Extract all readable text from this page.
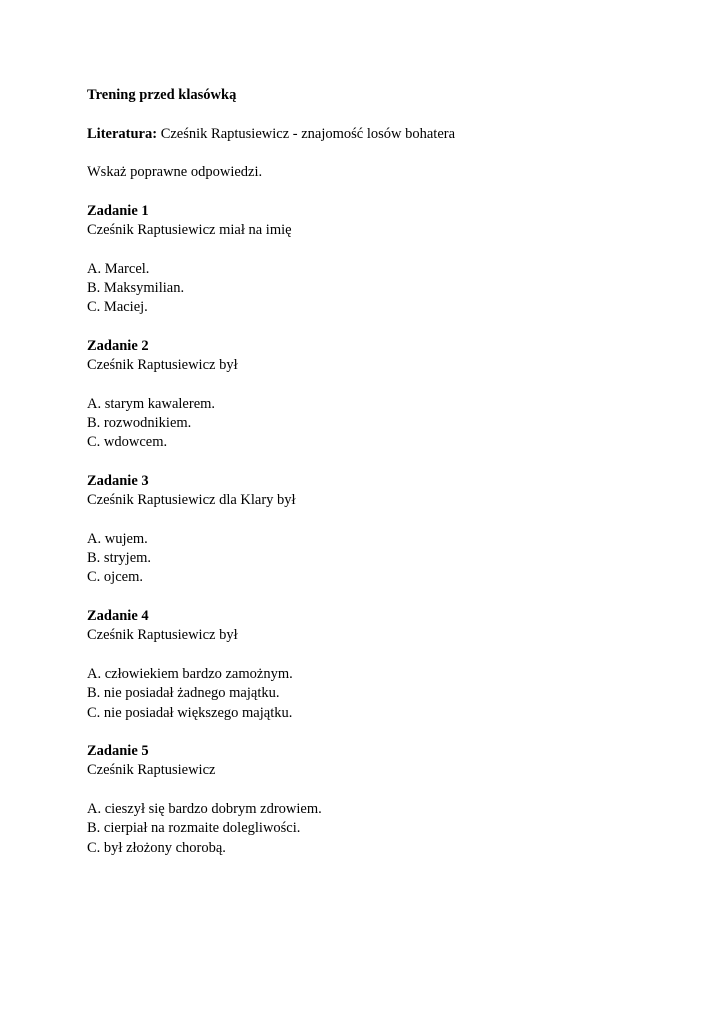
Trening przed klasówką
Literatura: Cześnik Raptusiewicz - znajomość losów bohatera
Wskaż poprawne odpowiedzi.
Zadanie 1
Cześnik Raptusiewicz miał na imię
A. Marcel.
B. Maksymilian.
C. Maciej.
Zadanie 2
Cześnik Raptusiewicz był
A. starym kawalerem.
B. rozwodnikiem.
C. wdowcem.
Zadanie 3
Cześnik Raptusiewicz dla Klary był
A. wujem.
B. stryjem.
C. ojcem.
Zadanie 4
Cześnik Raptusiewicz był
A. człowiekiem bardzo zamożnym.
B. nie posiadał żadnego majątku.
C. nie posiadał większego majątku.
Zadanie 5
Cześnik Raptusiewicz
A. cieszył się bardzo dobrym zdrowiem.
B. cierpiał na rozmaite dolegliwości.
C. był złożony chorobą.
